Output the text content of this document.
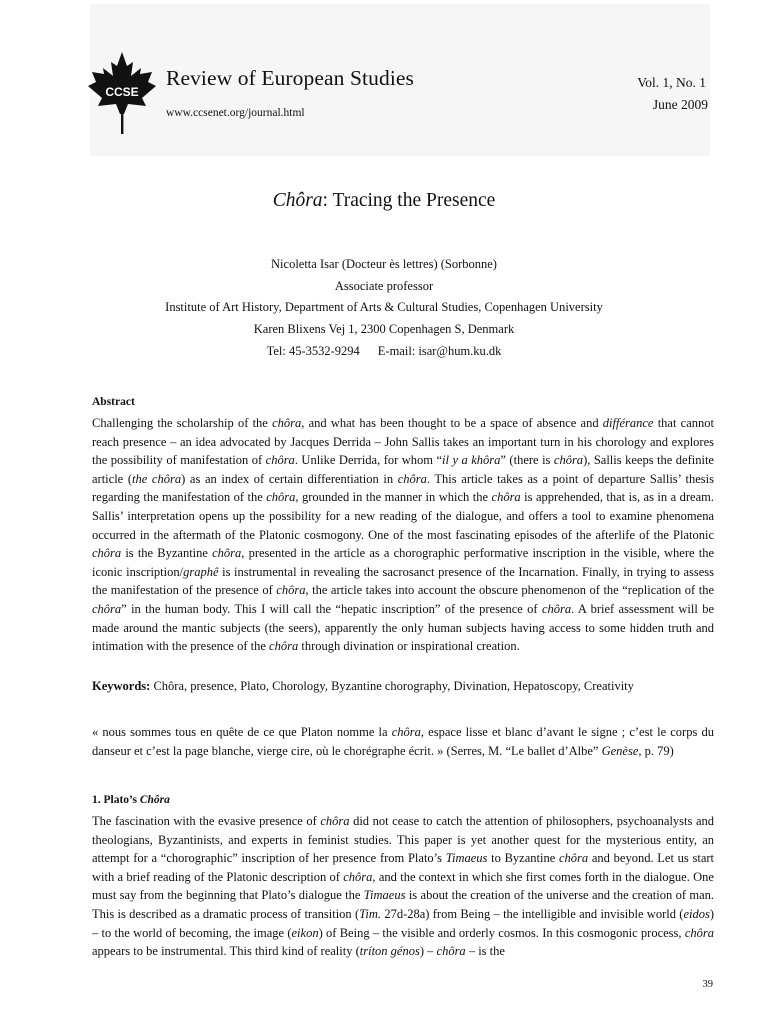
CCSE
Review of European Studies
www.ccsenet.org/journal.html
Vol. 1, No. 1
June 2009
Chôra: Tracing the Presence
Nicoletta Isar (Docteur ès lettres) (Sorbonne)
Associate professor
Institute of Art History, Department of Arts & Cultural Studies, Copenhagen University
Karen Blixens Vej 1, 2300 Copenhagen S, Denmark
Tel: 45-3532-9294 E-mail: isar@hum.ku.dk
Abstract
Challenging the scholarship of the chôra, and what has been thought to be a space of absence and différance that cannot reach presence – an idea advocated by Jacques Derrida – John Sallis takes an important turn in his chorology and explores the possibility of manifestation of chôra. Unlike Derrida, for whom “il y a khôra” (there is chôra), Sallis keeps the definite article (the chôra) as an index of certain differentiation in chôra. This article takes as a point of departure Sallis’ thesis regarding the manifestation of the chôra, grounded in the manner in which the chôra is apprehended, that is, as in a dream. Sallis’ interpretation opens up the possibility for a new reading of the dialogue, and offers a tool to examine phenomena occurred in the aftermath of the Platonic cosmogony. One of the most fascinating episodes of the afterlife of the Platonic chôra is the Byzantine chôra, presented in the article as a chorographic performative inscription in the visible, where the iconic inscription/graphê is instrumental in revealing the sacrosanct presence of the Incarnation. Finally, in trying to assess the manifestation of the presence of chôra, the article takes into account the obscure phenomenon of the “replication of the chôra” in the human body. This I will call the “hepatic inscription” of the presence of chôra. A brief assessment will be made around the mantic subjects (the seers), apparently the only human subjects having access to some hidden truth and intimation with the presence of the chôra through divination or inspirational creation.
Keywords: Chôra, presence, Plato, Chorology, Byzantine chorography, Divination, Hepatoscopy, Creativity
« nous sommes tous en quête de ce que Platon nomme la chôra, espace lisse et blanc d’avant le signe ; c’est le corps du danseur et c’est la page blanche, vierge cire, où le chorégraphe écrit. » (Serres, M. “Le ballet d’Albe” Genèse, p. 79)
1. Plato’s Chôra
The fascination with the evasive presence of chôra did not cease to catch the attention of philosophers, psychoanalysts and theologians, Byzantinists, and experts in feminist studies. This paper is yet another quest for the mysterious entity, an attempt for a “chorographic” inscription of her presence from Plato’s Timaeus to Byzantine chôra and beyond. Let us start with a brief reading of the Platonic description of chôra, and the context in which she first comes forth in the dialogue. One must say from the beginning that Plato’s dialogue the Timaeus is about the creation of the universe and the creation of man. This is described as a dramatic process of transition (Tim. 27d-28a) from Being – the intelligible and invisible world (eidos) – to the world of becoming, the image (eikon) of Being – the visible and orderly cosmos. In this cosmogonic process, chôra appears to be instrumental. This third kind of reality (tríton génos) – chôra – is the
39
